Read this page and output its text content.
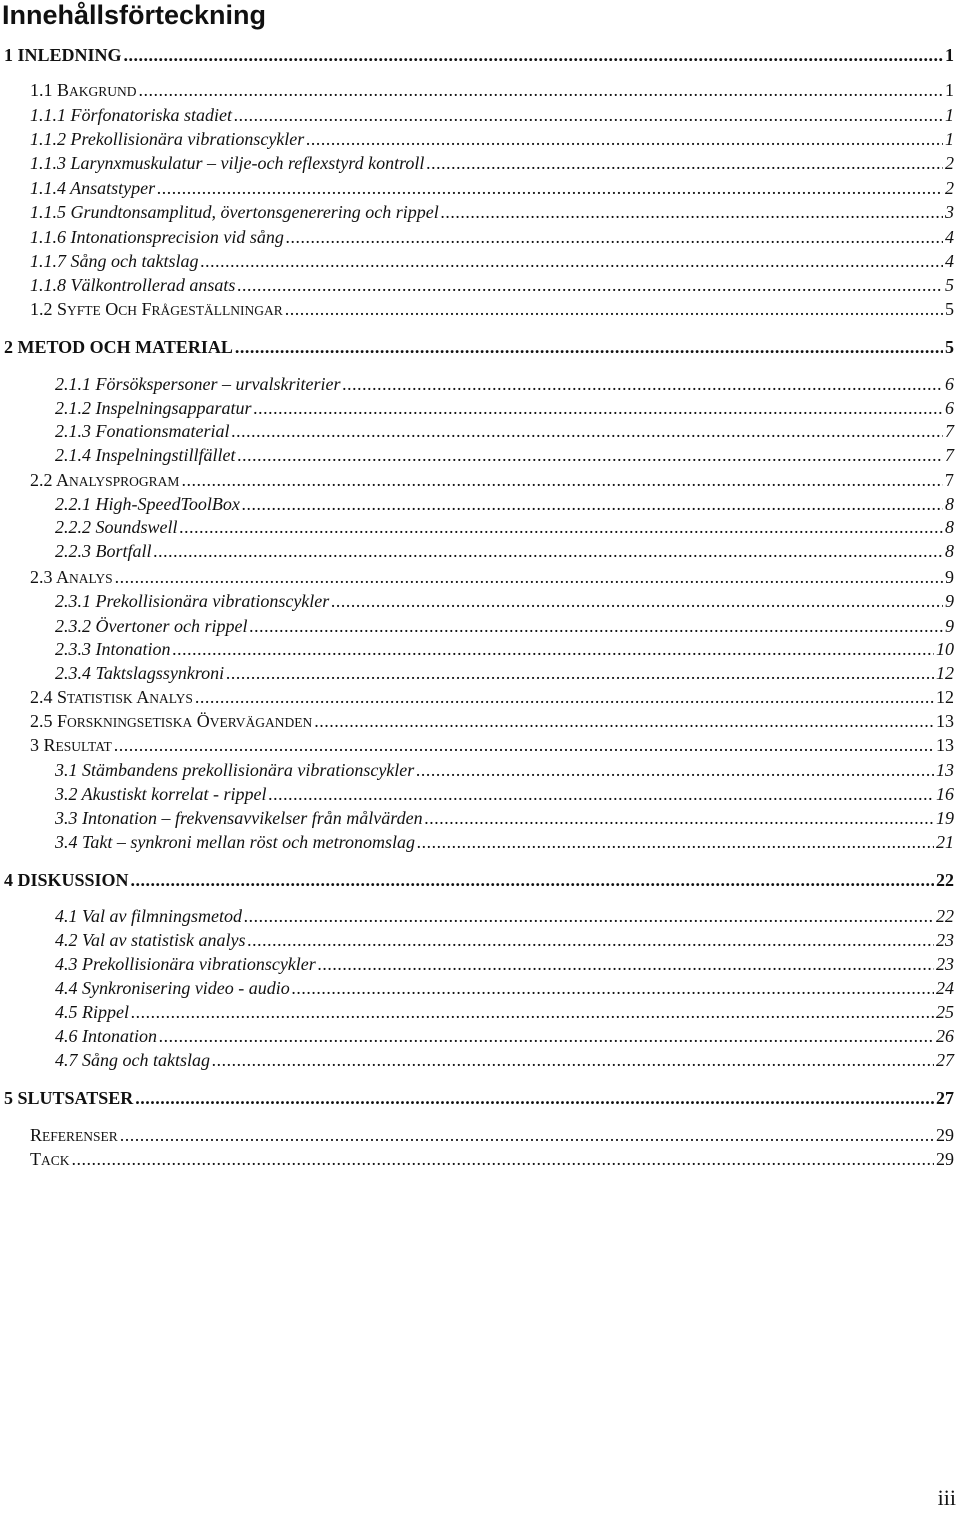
Innehållsförteckning
1 INLEDNING .....	1
1.1 BAKGRUND .....	1
1.1.1 Förfonatoriska stadiet .....	1
1.1.2 Prekollisionära vibrationscykler .....	1
1.1.3 Larynxmuskulatur – vilje-och reflexstyrd kontroll .....	2
1.1.4 Ansatstyper .....	2
1.1.5 Grundtonsamplitud, övertonsgenerering och rippel .....	3
1.1.6 Intonationsprecision vid sång .....	4
1.1.7 Sång och taktslag .....	4
1.1.8 Välkontrollerad ansats .....	5
1.2 SYFTE OCH FRÅGESTÄLLNINGAR .....	5
2 METOD OCH MATERIAL .....	5
2.1.1 Försökspersoner – urvalskriterier .....	6
2.1.2 Inspelningsapparatur .....	6
2.1.3 Fonationsmaterial .....	7
2.1.4 Inspelningstillfället .....	7
2.2 ANALYSPROGRAM .....	7
2.2.1 High-SpeedToolBox .....	8
2.2.2 Soundswell .....	8
2.2.3 Bortfall .....	8
2.3 ANALYS .....	9
2.3.1 Prekollisionära vibrationscykler .....	9
2.3.2 Övertoner och rippel .....	9
2.3.3 Intonation .....	10
2.3.4 Taktslagssynkroni .....	12
2.4 STATISTISK ANALYS .....	12
2.5 FORSKNINGSETISKA ÖVERVÄGANDEN .....	13
3 RESULTAT .....	13
3.1 Stämbandens prekollisionära vibrationscykler .....	13
3.2 Akustiskt korrelat - rippel .....	16
3.3 Intonation – frekvensavvikelser från målvärden .....	19
3.4 Takt – synkroni mellan röst och metronomslag .....	21
4 DISKUSSION .....	22
4.1 Val av filmningsmetod .....	22
4.2 Val av statistisk analys .....	23
4.3 Prekollisionära vibrationscykler .....	23
4.4 Synkronisering video - audio .....	24
4.5 Rippel .....	25
4.6 Intonation .....	26
4.7 Sång och taktslag .....	27
5 SLUTSATSER .....	27
REFERENSER .....	29
TACK .....	29
iii
